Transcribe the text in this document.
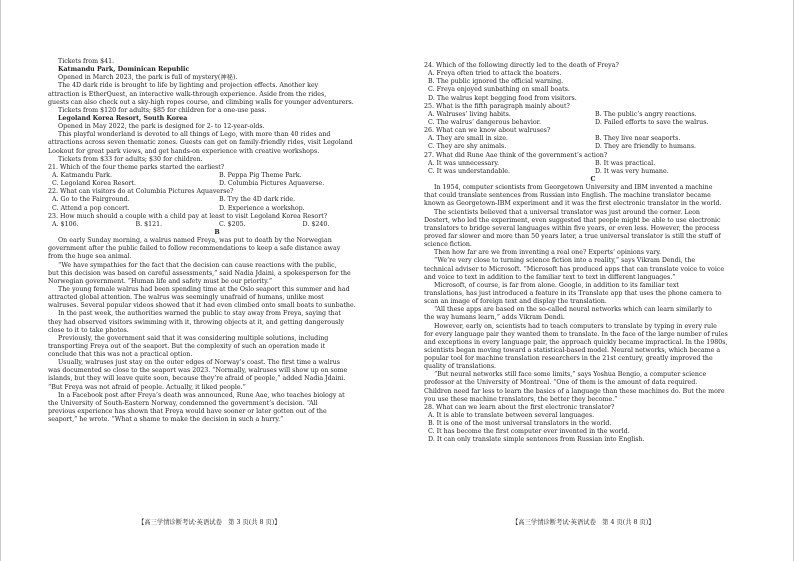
Tickets from $41.
Katmandu Park, Dominican Republic
Opened in March 2023, the park is full of mystery(神秘).
The 4D dark ride is brought to life by lighting and projection effects. Another key
attraction is EtherQuest, an interactive walk-through experience. Aside from the rides,
guests can also check out a sky-high ropes course, and climbing walls for younger adventurers.
Tickets from $120 for adults; $85 for children for a one-use pass.
Legoland Korea Resort, South Korea
Opened in May 2022, the park is designed for 2- to 12-year-olds.
This playful wonderland is devoted to all things of Lego, with more than 40 rides and
attractions across seven thematic zones. Guests can get on family-friendly rides, visit Legoland
Lookout for great park views, and get hands-on experience with creative workshops.
Tickets from $33 for adults; $30 for children.
21. Which of the four theme parks started the earliest?
A. Katmandu Park.	B. Peppa Pig Theme Park.
C. Legoland Korea Resort.	D. Columbia Pictures Aquaverse.
22. What can visitors do at Columbia Pictures Aquaverse?
A. Go to the Fairground.	B. Try the 4D dark ride.
C. Attend a pop concert.	D. Experience a workshop.
23. How much should a couple with a child pay at least to visit Legoland Korea Resort?
A. $106.	B. $121.	C. $205.	D. $240.
B
On early Sunday morning, a walrus named Freya, was put to death by the Norwegian
government after the public failed to follow recommendations to keep a safe distance away
from the huge sea animal.
“We have sympathies for the fact that the decision can cause reactions with the public,
but this decision was based on careful assessments,” said Nadia Jdaini, a spokesperson for the
Norwegian government. “Human life and safety must be our priority.”
The young female walrus had been spending time at the Oslo seaport this summer and had
attracted global attention. The walrus was seemingly unafraid of humans, unlike most
walruses. Several popular videos showed that it had even climbed onto small boats to sunbathe.
In the past week, the authorities warned the public to stay away from Freya, saying that
they had observed visitors swimming with it, throwing objects at it, and getting dangerously
close to it to take photos.
Previously, the government said that it was considering multiple solutions, including
transporting Freya out of the seaport. But the complexity of such an operation made it
conclude that this was not a practical option.
Usually, walruses just stay on the outer edges of Norway’s coast. The first time a walrus
was documented so close to the seaport was 2023. “Normally, walruses will show up on some
islands, but they will leave quite soon, because they’re afraid of people,” added Nadia Jdaini.
“But Freya was not afraid of people. Actually, it liked people.”
In a Facebook post after Freya’s death was announced, Rune Aae, who teaches biology at
the University of South-Eastern Norway, condemned the government’s decision. “All
previous experience has shown that Freya would have sooner or later gotten out of the
seaport,” he wrote. “What a shame to make the decision in such a hurry.”
【高三学情诊断考试·英语试卷　第 3 页(共 8 页)】
24. Which of the following directly led to the death of Freya?
A. Freya often tried to attack the boaters.
B. The public ignored the official warning.
C. Freya enjoyed sunbathing on small boats.
D. The walrus kept begging food from visitors.
25. What is the fifth paragraph mainly about?
A. Walruses’ living habits.	B. The public’s angry reactions.
C. The walrus’ dangerous behavior.	D. Failed efforts to save the walrus.
26. What can we know about walruses?
A. They are small in size.	B. They live near seaports.
C. They are shy animals.	D. They are friendly to humans.
27. What did Rune Aae think of the government’s action?
A. It was unnecessary.	B. It was practical.
C. It was understandable.	D. It was very humane.
C
In 1954, computer scientists from Georgetown University and IBM invented a machine
that could translate sentences from Russian into English. The machine translator became
known as Georgetown-IBM experiment and it was the first electronic translator in the world.
The scientists believed that a universal translator was just around the corner. Leon
Dostert, who led the experiment, even suggested that people might be able to use electronic
translators to bridge several languages within five years, or even less. However, the process
proved far slower and more than 50 years later, a true universal translator is still the stuff of
science fiction.
Then how far are we from inventing a real one? Experts’ opinions vary.
“We’re very close to turning science fiction into a reality,” says Vikram Dendi, the
technical adviser to Microsoft. “Microsoft has produced apps that can translate voice to voice
and voice to text in addition to the familiar text to text in different languages.”
Microsoft, of course, is far from alone. Google, in addition to its familiar text
translations, has just introduced a feature in its Translate app that uses the phone camera to
scan an image of foreign text and display the translation.
“All these apps are based on the so-called neural networks which can learn similarly to
the way humans learn,” adds Vikram Dendi.
However, early on, scientists had to teach computers to translate by typing in every rule
for every language pair they wanted them to translate. In the face of the large number of rules
and exceptions in every language pair, the approach quickly became impractical. In the 1980s,
scientists began moving toward a statistical-based model. Neural networks, which became a
popular tool for machine translation researchers in the 21st century, greatly improved the
quality of translations.
“But neural networks still face some limits,” says Yoshua Bengio, a computer science
professor at the University of Montreal. “One of them is the amount of data required.
Children need far less to learn the basics of a language than these machines do. But the more
you use these machine translators, the better they become.”
28. What can we learn about the first electronic translator?
A. It is able to translate between several languages.
B. It is one of the most universal translators in the world.
C. It has become the first computer ever invented in the world.
D. It can only translate simple sentences from Russian into English.
【高三学情诊断考试·英语试卷　第 4 页(共 8 页)】
